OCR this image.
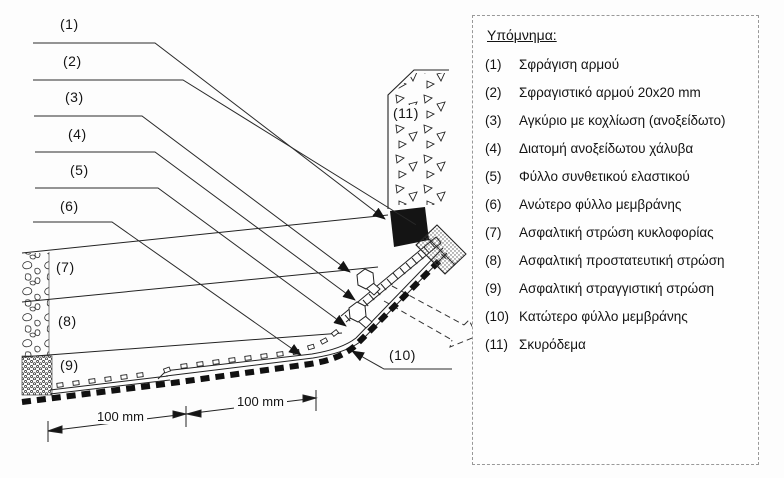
(1)
(2)
(3)
(4)
(5)
(6)
(7)
(8)
(9)
(10)
(11)
100 mm
100 mm
Υπόμνημα:
(1)	Σφράγιση αρμού
(2)	Σφραγιστικό αρμού 20x20 mm
(3)	Αγκύριο με κοχλίωση (ανοξείδωτο)
(4)	Διατομή ανοξείδωτου χάλυβα
(5)	Φύλλο συνθετικού ελαστικού
(6)	Ανώτερο φύλλο μεμβράνης
(7)	Ασφαλτική στρώση κυκλοφορίας
(8)	Ασφαλτική προστατευτική στρώση
(9)	Ασφαλτική στραγγιστική στρώση
(10) Κατώτερο φύλλο μεμβράνης
(11) Σκυρόδεμα
